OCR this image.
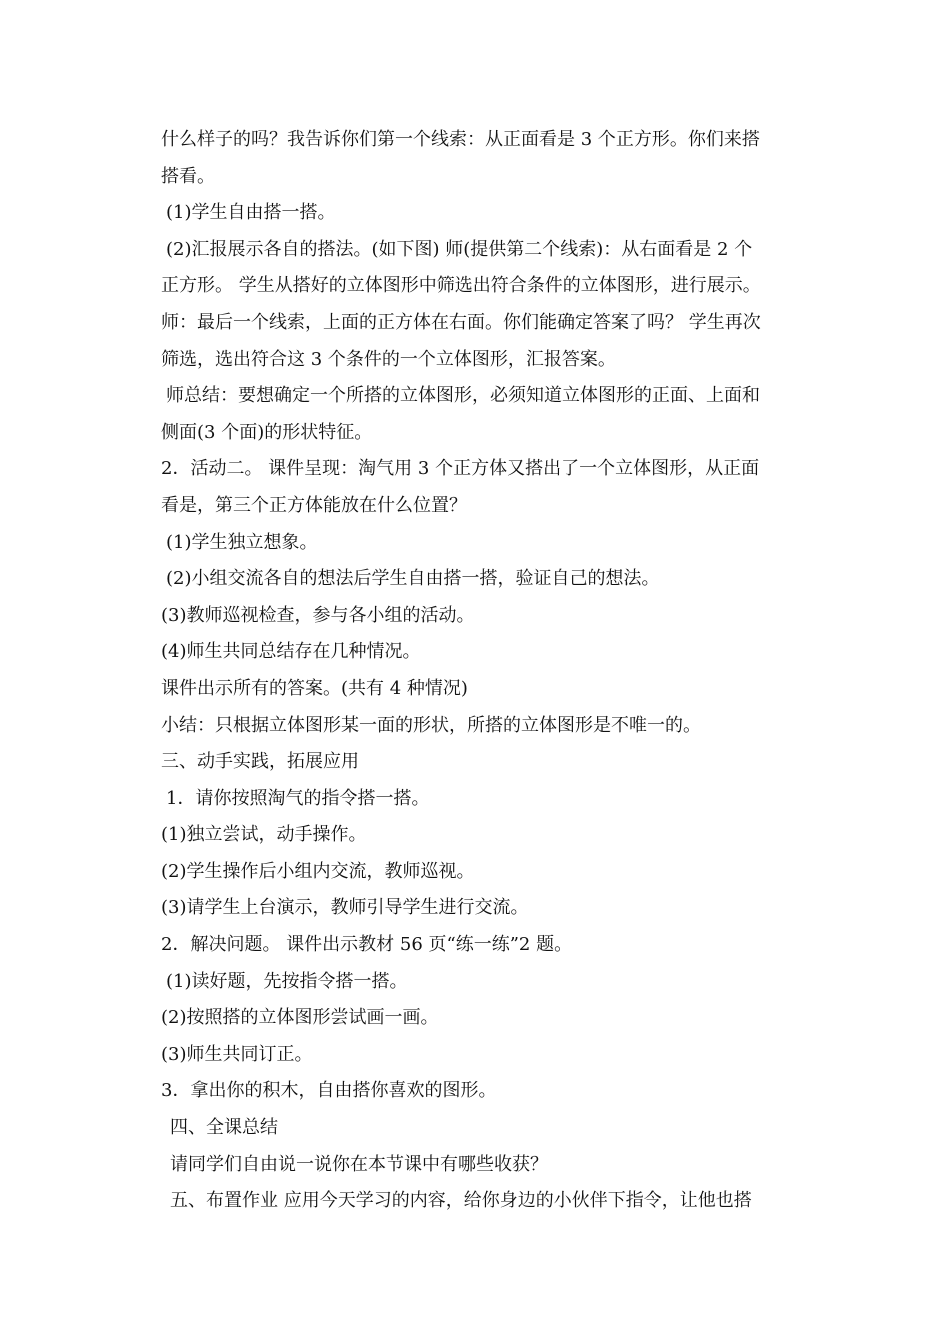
什么样子的吗？我告诉你们第一个线索：从正面看是 3 个正方形。你们来搭
搭看。
(1)学生自由搭一搭。
(2)汇报展示各自的搭法。(如下图) 师(提供第二个线索)：从右面看是 2 个
正方形。 学生从搭好的立体图形中筛选出符合条件的立体图形，进行展示。
师：最后一个线索，上面的正方体在右面。你们能确定答案了吗？ 学生再次
筛选，选出符合这 3 个条件的一个立体图形，汇报答案。
师总结：要想确定一个所搭的立体图形，必须知道立体图形的正面、上面和
侧面(3 个面)的形状特征。
2．活动二。 课件呈现：淘气用 3 个正方体又搭出了一个立体图形，从正面
看是，第三个正方体能放在什么位置？
(1)学生独立想象。
(2)小组交流各自的想法后学生自由搭一搭，验证自己的想法。
(3)教师巡视检查，参与各小组的活动。
(4)师生共同总结存在几种情况。
课件出示所有的答案。(共有 4 种情况)
小结：只根据立体图形某一面的形状，所搭的立体图形是不唯一的。
三、动手实践，拓展应用
1．请你按照淘气的指令搭一搭。
(1)独立尝试，动手操作。
(2)学生操作后小组内交流，教师巡视。
(3)请学生上台演示，教师引导学生进行交流。
2．解决问题。 课件出示教材 56 页“练一练”2 题。
(1)读好题，先按指令搭一搭。
(2)按照搭的立体图形尝试画一画。
(3)师生共同订正。
3．拿出你的积木，自由搭你喜欢的图形。
四、全课总结
请同学们自由说一说你在本节课中有哪些收获？
五、布置作业 应用今天学习的内容，给你身边的小伙伴下指令，让他也搭
